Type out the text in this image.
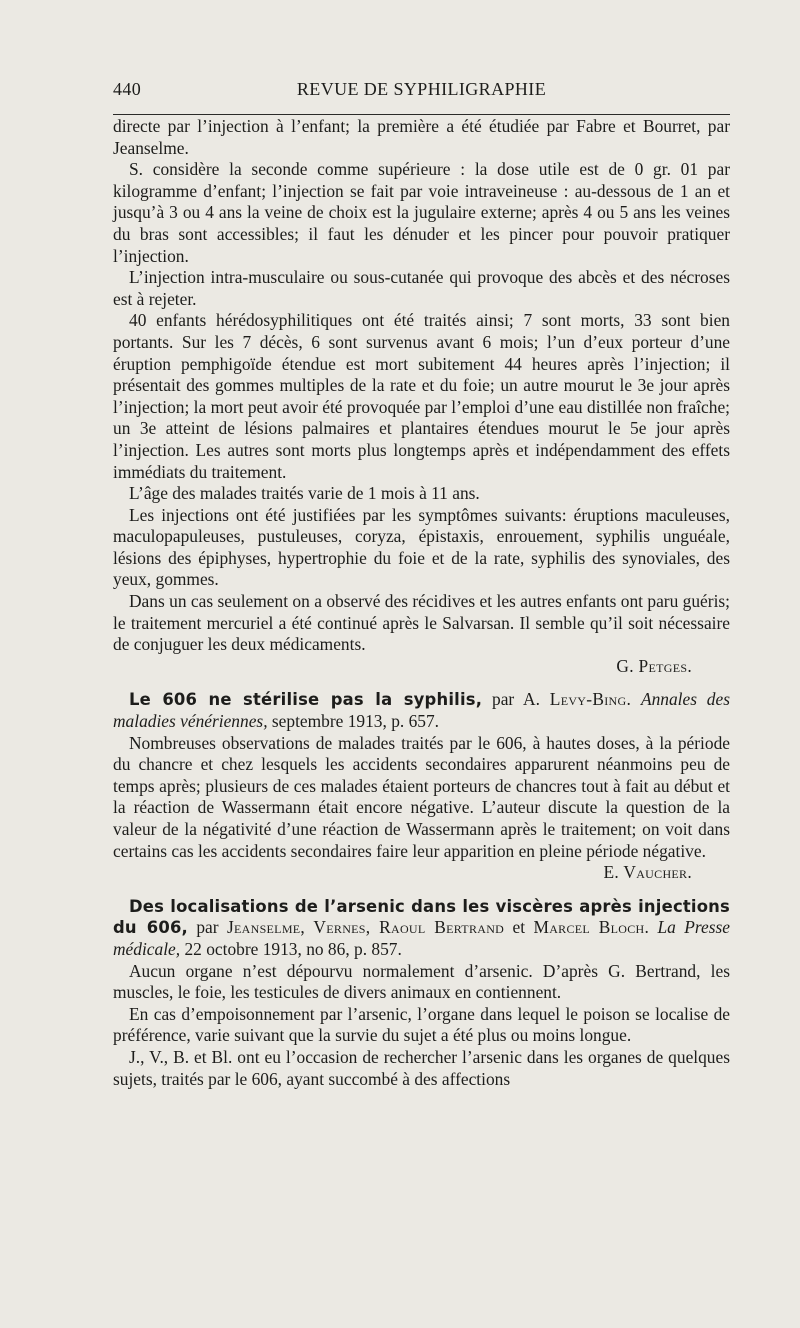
440	REVUE DE SYPHILIGRAPHIE

directe par l’injection à l’enfant; la première a été étudiée par Fabre et Bourret, par Jeanselme.

S. considère la seconde comme supérieure : la dose utile est de 0 gr. 01 par kilogramme d’enfant; l’injection se fait par voie intraveineuse : au-dessous de 1 an et jusqu’à 3 ou 4 ans la veine de choix est la jugulaire externe; après 4 ou 5 ans les veines du bras sont accessibles; il faut les dénuder et les pincer pour pouvoir pratiquer l’injection.

L’injection intra-musculaire ou sous-cutanée qui provoque des abcès et des nécroses est à rejeter.

40 enfants hérédosyphilitiques ont été traités ainsi; 7 sont morts, 33 sont bien portants. Sur les 7 décès, 6 sont survenus avant 6 mois; l’un d’eux porteur d’une éruption pemphigoïde étendue est mort subitement 44 heures après l’injection; il présentait des gommes multiples de la rate et du foie; un autre mourut le 3e jour après l’injection; la mort peut avoir été provoquée par l’emploi d’une eau distillée non fraîche; un 3e atteint de lésions palmaires et plantaires étendues mourut le 5e jour après l’injection. Les autres sont morts plus longtemps après et indépendamment des effets immédiats du traitement.

L’âge des malades traités varie de 1 mois à 11 ans.

Les injections ont été justifiées par les symptômes suivants: éruptions maculeuses, maculopapuleuses, pustuleuses, coryza, épistaxis, enrouement, syphilis unguéale, lésions des épiphyses, hypertrophie du foie et de la rate, syphilis des synoviales, des yeux, gommes.

Dans un cas seulement on a observé des récidives et les autres enfants ont paru guéris; le traitement mercuriel a été continué après le Salvarsan. Il semble qu’il soit nécessaire de conjuguer les deux médicaments.

G. Petges.

Le 606 ne stérilise pas la syphilis, par A. Levy-Bing. Annales des maladies vénériennes, septembre 1913, p. 657.

Nombreuses observations de malades traités par le 606, à hautes doses, à la période du chancre et chez lesquels les accidents secondaires apparurent néanmoins peu de temps après; plusieurs de ces malades étaient porteurs de chancres tout à fait au début et la réaction de Wassermann était encore négative. L’auteur discute la question de la valeur de la négativité d’une réaction de Wassermann après le traitement; on voit dans certains cas les accidents secondaires faire leur apparition en pleine période négative.

E. Vaucher.

Des localisations de l’arsenic dans les viscères après injections du 606, par Jeanselme, Vernes, Raoul Bertrand et Marcel Bloch. La Presse médicale, 22 octobre 1913, no 86, p. 857.

Aucun organe n’est dépourvu normalement d’arsenic. D’après G. Bertrand, les muscles, le foie, les testicules de divers animaux en contiennent.

En cas d’empoisonnement par l’arsenic, l’organe dans lequel le poison se localise de préférence, varie suivant que la survie du sujet a été plus ou moins longue.

J., V., B. et Bl. ont eu l’occasion de rechercher l’arsenic dans les organes de quelques sujets, traités par le 606, ayant succombé à des affections
